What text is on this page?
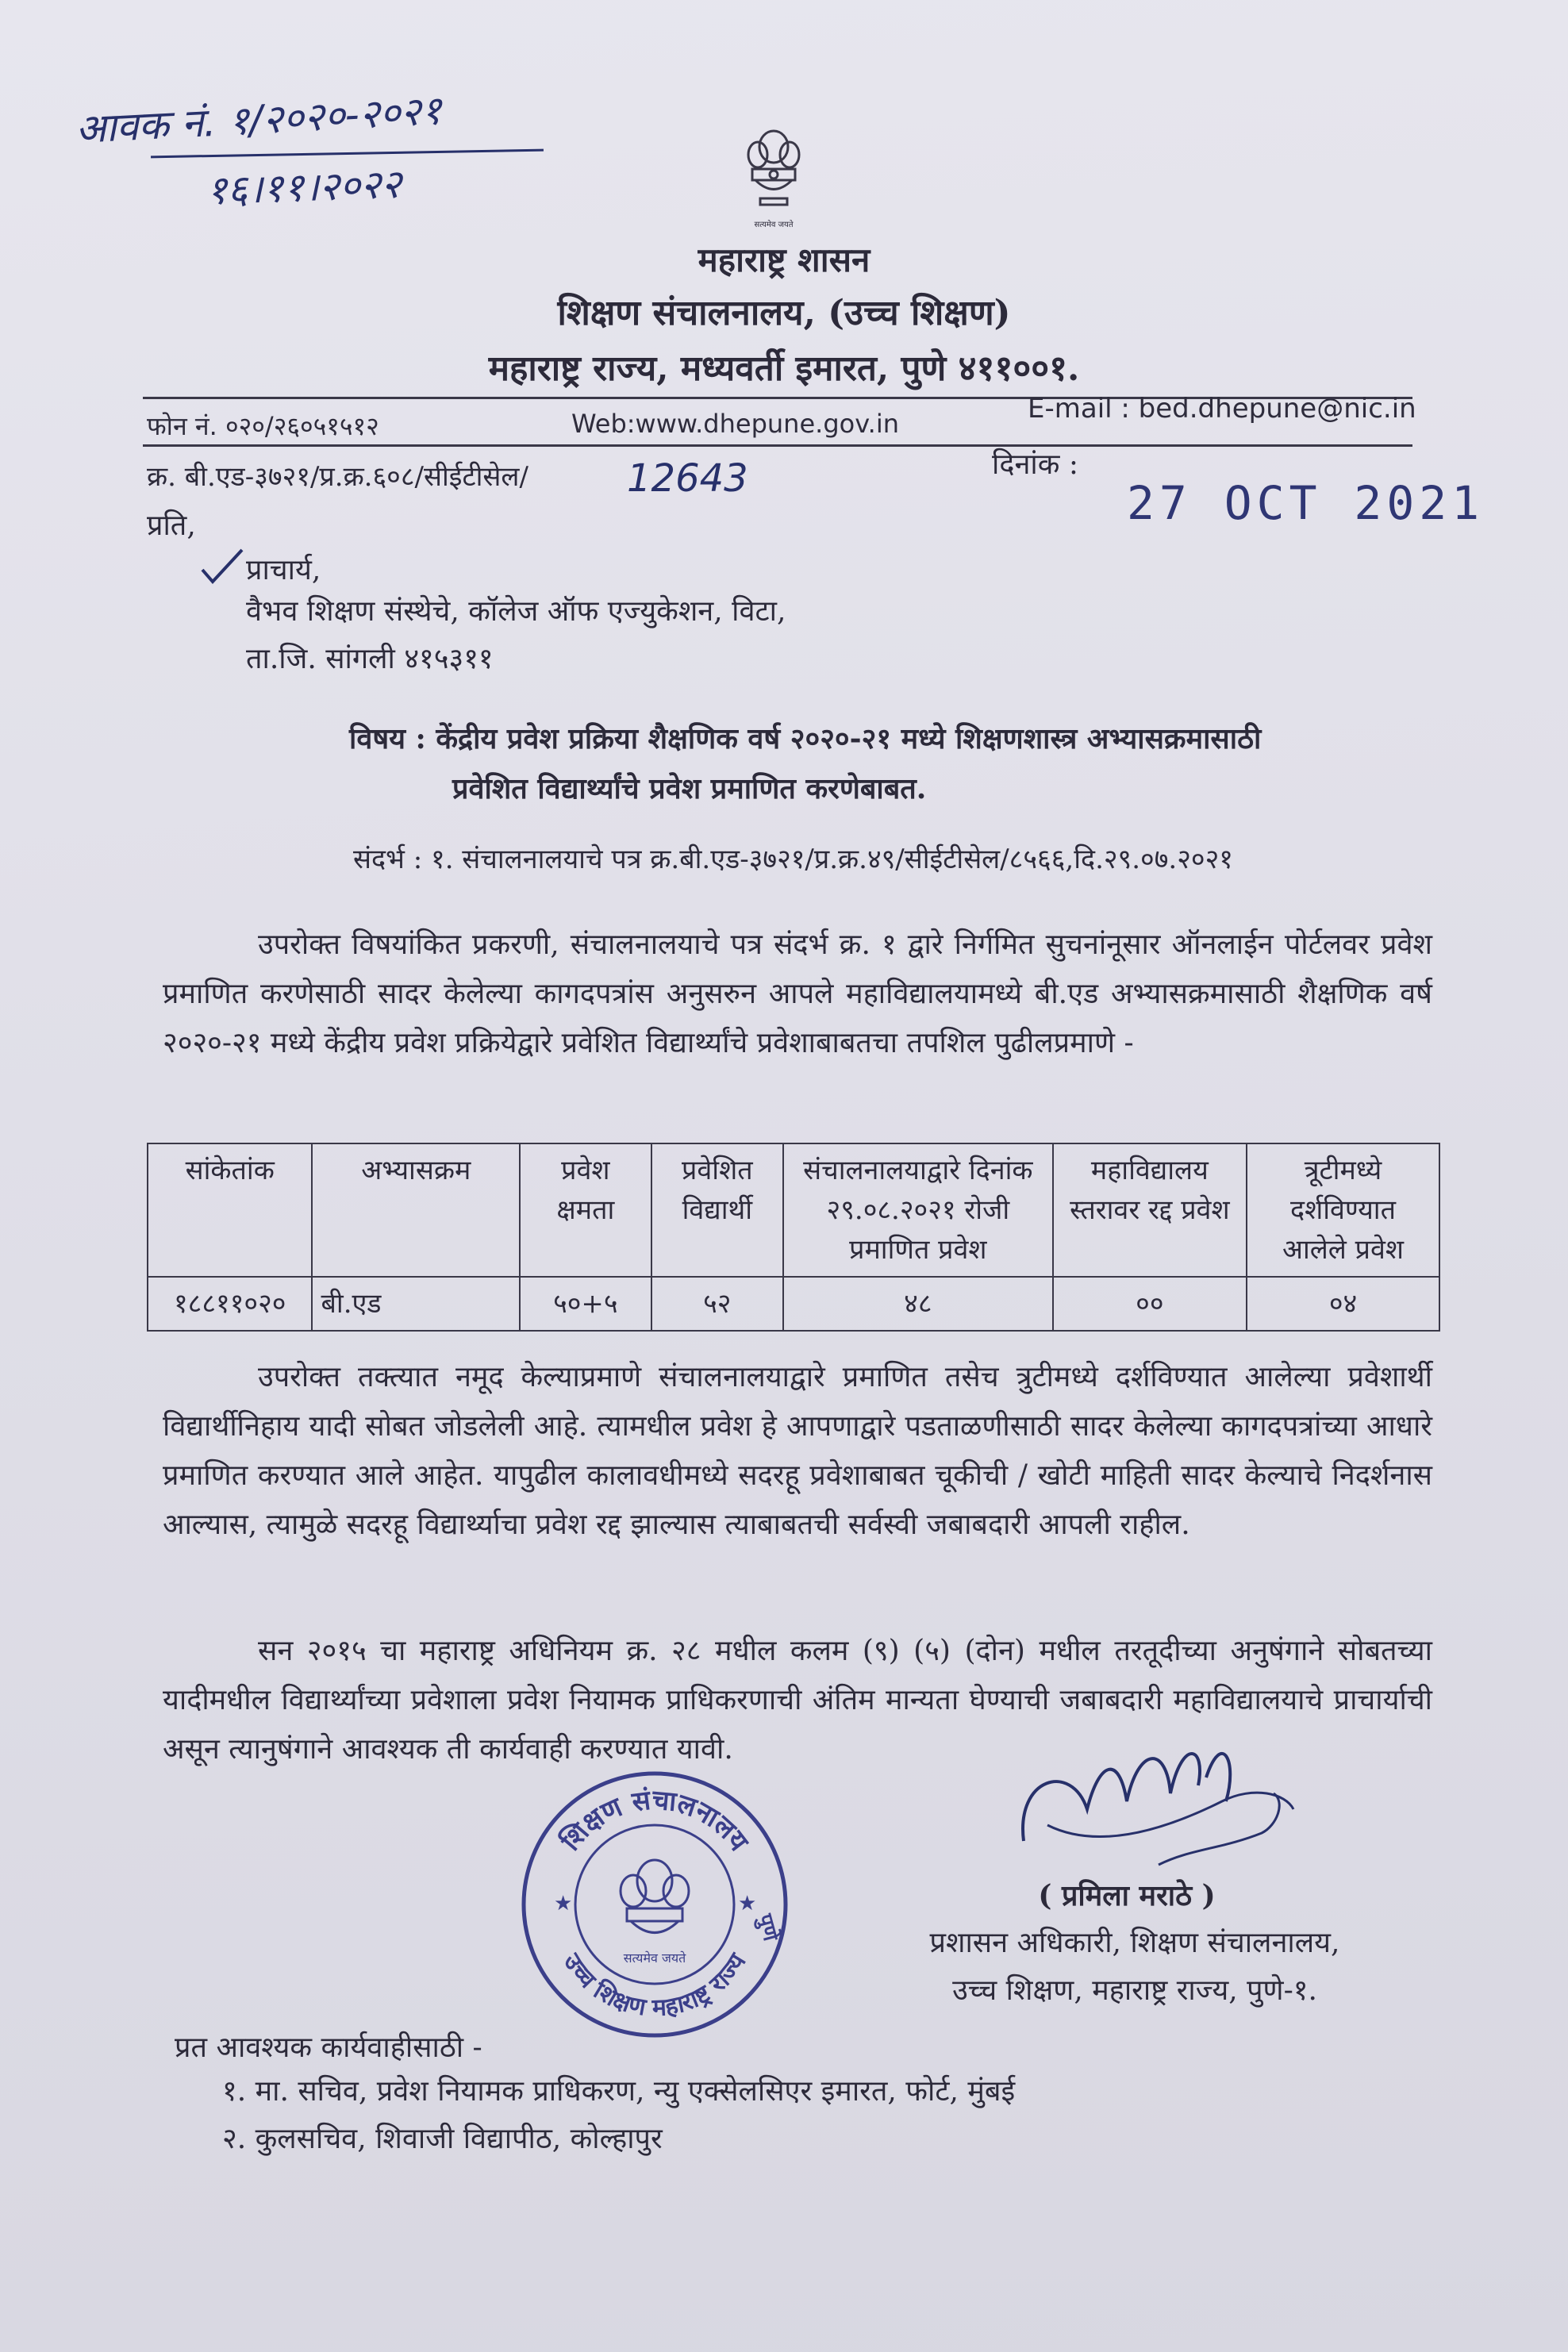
आवक नं. १/२०२०-२०२१
१६।११।२०२२
सत्यमेव जयते
महाराष्ट्र शासन
शिक्षण संचालनालय, (उच्च शिक्षण)
महाराष्ट्र राज्य, मध्यवर्ती इमारत, पुणे ४११००१.
फोन नं. ०२०/२६०५१५१२	Web:www.dhepune.gov.in	E-mail : bed.dhepune@nic.in
क्र. बी.एड-३७२१/प्र.क्र.६०८/सीईटीसेल/	12643	दिनांक :
27 OCT 2021
प्रति,
प्राचार्य,
वैभव शिक्षण संस्थेचे, कॉलेज ऑफ एज्युकेशन, विटा,
ता.जि. सांगली ४१५३११
विषय : केंद्रीय प्रवेश प्रक्रिया शैक्षणिक वर्ष २०२०-२१ मध्ये शिक्षणशास्त्र अभ्यासक्रमासाठी
प्रवेशित विद्यार्थ्यांचे प्रवेश प्रमाणित करणेबाबत.
संदर्भ : १. संचालनालयाचे पत्र क्र.बी.एड-३७२१/प्र.क्र.४९/सीईटीसेल/८५६६,दि.२९.०७.२०२१
उपरोक्त विषयांकित प्रकरणी, संचालनालयाचे पत्र संदर्भ क्र. १ द्वारे निर्गमित सुचनांनूसार ऑनलाईन पोर्टलवर प्रवेश प्रमाणित करणेसाठी सादर केलेल्या कागदपत्रांस अनुसरुन आपले महाविद्यालयामध्ये बी.एड अभ्यासक्रमासाठी शैक्षणिक वर्ष २०२०-२१ मध्ये केंद्रीय प्रवेश प्रक्रियेद्वारे प्रवेशित विद्यार्थ्यांचे प्रवेशाबाबतचा तपशिल पुढीलप्रमाणे -
सांकेतांक	अभ्यासक्रम	प्रवेश क्षमता	प्रवेशित विद्यार्थी	संचालनालयाद्वारे दिनांक २९.०८.२०२१ रोजी प्रमाणित प्रवेश	महाविद्यालय स्तरावर रद्द प्रवेश	त्रूटीमध्ये दर्शविण्यात आलेले प्रवेश
१८८११०२०	बी.एड	५०+५	५२	४८	००	०४
उपरोक्त तक्त्यात नमूद केल्याप्रमाणे संचालनालयाद्वारे प्रमाणित तसेच त्रुटीमध्ये दर्शविण्यात आलेल्या प्रवेशार्थी विद्यार्थीनिहाय यादी सोबत जोडलेली आहे. त्यामधील प्रवेश हे आपणाद्वारे पडताळणीसाठी सादर केलेल्या कागदपत्रांच्या आधारे प्रमाणित करण्यात आले आहेत. यापुढील कालावधीमध्ये सदरहू प्रवेशाबाबत चूकीची / खोटी माहिती सादर केल्याचे निदर्शनास आल्यास, त्यामुळे सदरहू विद्यार्थ्याचा प्रवेश रद्द झाल्यास त्याबाबतची सर्वस्वी जबाबदारी आपली राहील.
सन २०१५ चा महाराष्ट्र अधिनियम क्र. २८ मधील कलम (९) (५) (दोन) मधील तरतूदीच्या अनुषंगाने सोबतच्या यादीमधील विद्यार्थ्यांच्या प्रवेशाला प्रवेश नियामक प्राधिकरणाची अंतिम मान्यता घेण्याची जबाबदारी महाविद्यालयाचे प्राचार्याची असून त्यानुषंगाने आवश्यक ती कार्यवाही करण्यात यावी.
शिक्षण संचालनालय
उच्च शिक्षण महाराष्ट्र राज्य
पुणे
★	★
सत्यमेव जयते
( प्रमिला मराठे )
प्रशासन अधिकारी, शिक्षण संचालनालय,
उच्च शिक्षण, महाराष्ट्र राज्य, पुणे-१.
प्रत आवश्यक कार्यवाहीसाठी -
१. मा. सचिव, प्रवेश नियामक प्राधिकरण, न्यु एक्सेलसिएर इमारत, फोर्ट, मुंबई
२. कुलसचिव, शिवाजी विद्यापीठ, कोल्हापुर
